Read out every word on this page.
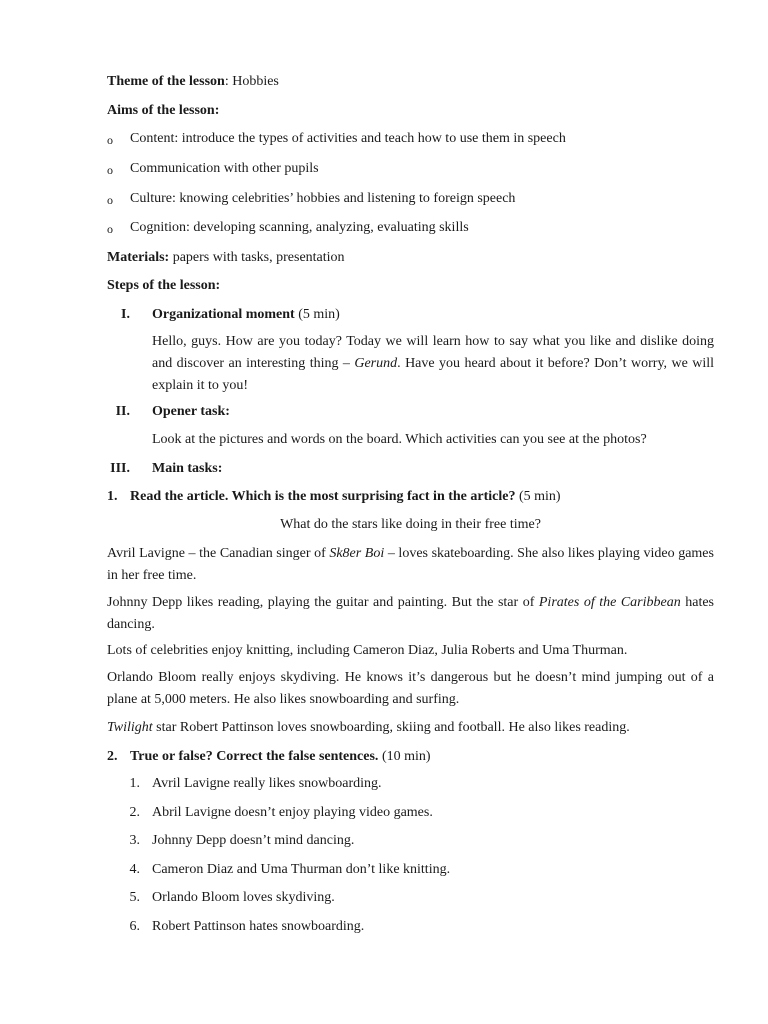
Theme of the lesson: Hobbies
Aims of the lesson:
o Content: introduce the types of activities and teach how to use them in speech
o Communication with other pupils
o Culture: knowing celebrities’ hobbies and listening to foreign speech
o Cognition: developing scanning, analyzing, evaluating skills
Materials: papers with tasks, presentation
Steps of the lesson:
I. Organizational moment (5 min)
Hello, guys. How are you today? Today we will learn how to say what you like and dislike doing and discover an interesting thing – Gerund. Have you heard about it before? Don’t worry, we will explain it to you!
II. Opener task:
Look at the pictures and words on the board. Which activities can you see at the photos?
III. Main tasks:
1. Read the article. Which is the most surprising fact in the article? (5 min)
What do the stars like doing in their free time?
Avril Lavigne – the Canadian singer of Sk8er Boi – loves skateboarding. She also likes playing video games in her free time.
Johnny Depp likes reading, playing the guitar and painting. But the star of Pirates of the Caribbean hates dancing.
Lots of celebrities enjoy knitting, including Cameron Diaz, Julia Roberts and Uma Thurman.
Orlando Bloom really enjoys skydiving. He knows it’s dangerous but he doesn’t mind jumping out of a plane at 5,000 meters. He also likes snowboarding and surfing.
Twilight star Robert Pattinson loves snowboarding, skiing and football. He also likes reading.
2. True or false? Correct the false sentences. (10 min)
1. Avril Lavigne really likes snowboarding.
2. Abril Lavigne doesn’t enjoy playing video games.
3. Johnny Depp doesn’t mind dancing.
4. Cameron Diaz and Uma Thurman don’t like knitting.
5. Orlando Bloom loves skydiving.
6. Robert Pattinson hates snowboarding.
